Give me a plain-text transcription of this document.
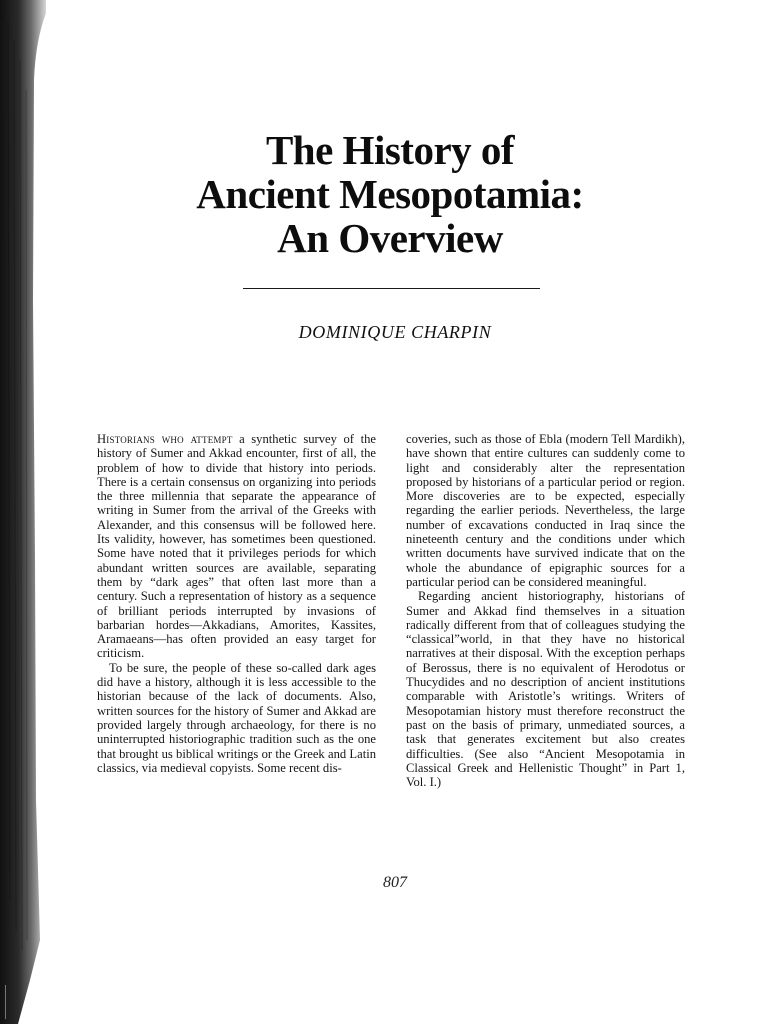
The History of
Ancient Mesopotamia:
An Overview
DOMINIQUE CHARPIN

Historians who attempt a synthetic survey of the history of Sumer and Akkad encounter, first of all, the problem of how to divide that history into periods. There is a certain consensus on organizing into periods the three millennia that separate the appearance of writing in Sumer from the arrival of the Greeks with Alexander, and this consensus will be followed here. Its validity, however, has sometimes been questioned. Some have noted that it privileges periods for which abundant written sources are available, separating them by “dark ages” that often last more than a century. Such a representation of history as a sequence of brilliant periods interrupted by invasions of barbarian hordes—Akkadians, Amorites, Kassites, Aramaeans—has often provided an easy target for criticism.

To be sure, the people of these so-called dark ages did have a history, although it is less accessible to the historian because of the lack of documents. Also, written sources for the history of Sumer and Akkad are provided largely through archaeology, for there is no uninterrupted historiographic tradition such as the one that brought us biblical writings or the Greek and Latin classics, via medieval copyists. Some recent dis-

coveries, such as those of Ebla (modern Tell Mardikh), have shown that entire cultures can suddenly come to light and considerably alter the representation proposed by historians of a particular period or region. More discoveries are to be expected, especially regarding the earlier periods. Nevertheless, the large number of excavations conducted in Iraq since the nineteenth century and the conditions under which written documents have survived indicate that on the whole the abundance of epigraphic sources for a particular period can be considered meaningful.

Regarding ancient historiography, historians of Sumer and Akkad find themselves in a situation radically different from that of colleagues studying the “classical”world, in that they have no historical narratives at their disposal. With the exception perhaps of Berossus, there is no equivalent of Herodotus or Thucydides and no description of ancient institutions comparable with Aristotle’s writings. Writers of Mesopotamian history must therefore reconstruct the past on the basis of primary, unmediated sources, a task that generates excitement but also creates difficulties. (See also “Ancient Mesopotamia in Classical Greek and Hellenistic Thought” in Part 1, Vol. I.)

807
